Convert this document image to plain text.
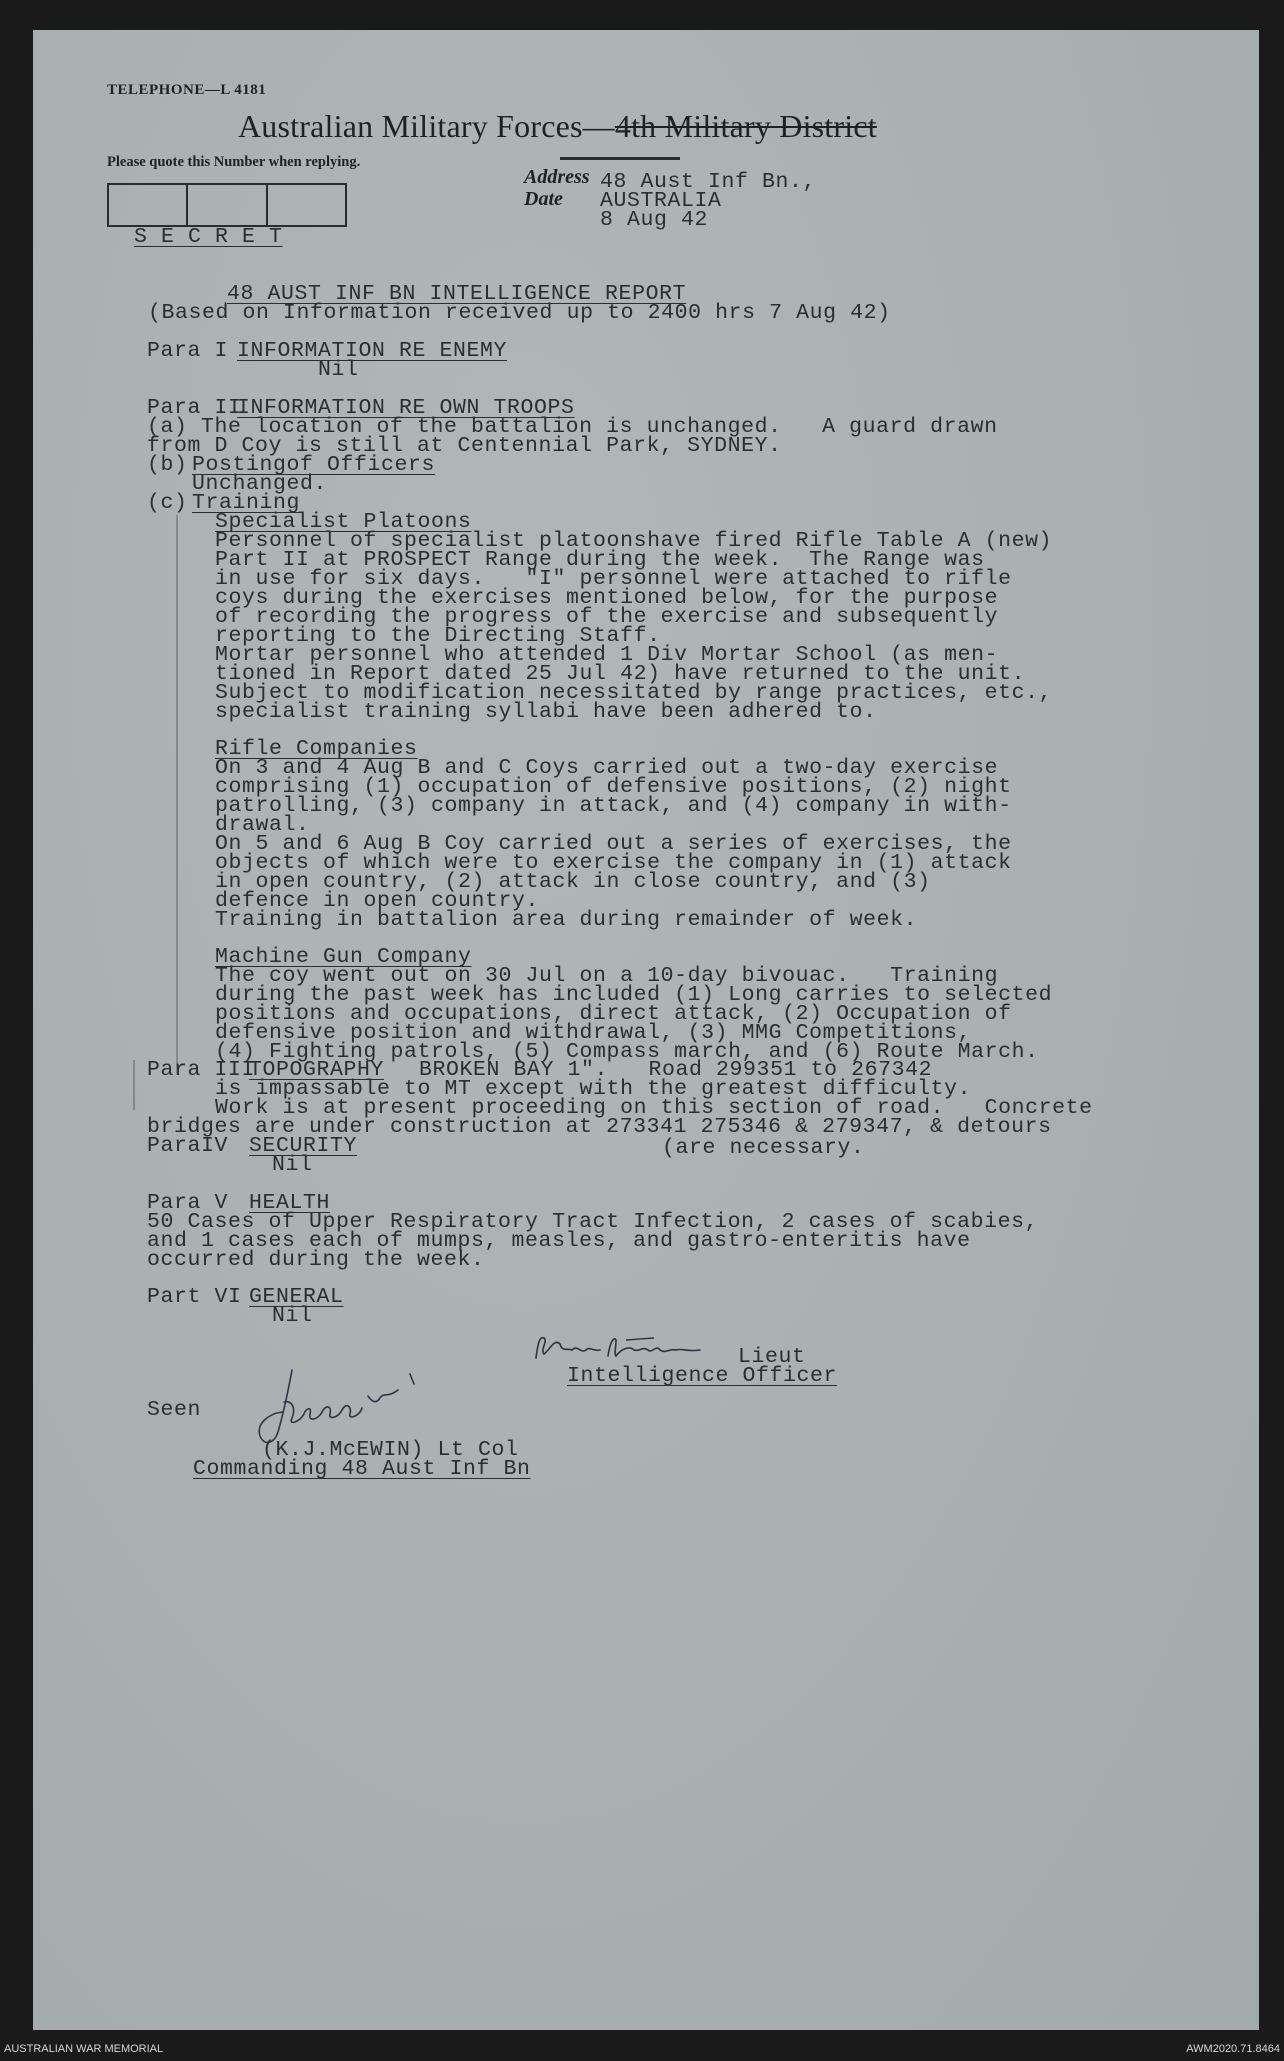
TELEPHONE—L 4181
Australian Military Forces—4th Military District
Please quote this Number when replying.
Address
Date
48 Aust Inf Bn.,
AUSTRALIA
8 Aug 42
S E C R E T
48 AUST INF BN INTELLIGENCE REPORT
(Based on Information received up to 2400 hrs 7 Aug 42)
Para I INFORMATION RE ENEMY
Nil
Para II
INFORMATION RE OWN TROOPS
(a) The location of the battalion is unchanged.   A guard drawn
from D Coy is still at Centennial Park, SYDNEY.
(b) Postingof Officers
Unchanged.
(c) Training
Specialist Platoons
Personnel of specialist platoonshave fired Rifle Table A (new)
Part II at PROSPECT Range during the week.  The Range was
in use for six days.   "I" personnel were attached to rifle
coys during the exercises mentioned below, for the purpose
of recording the progress of the exercise and subsequently
reporting to the Directing Staff.
Mortar personnel who attended 1 Div Mortar School (as men-
tioned in Report dated 25 Jul 42) have returned to the unit.
Subject to modification necessitated by range practices, etc.,
specialist training syllabi have been adhered to.
Rifle Companies
On 3 and 4 Aug B and C Coys carried out a two-day exercise
comprising (1) occupation of defensive positions, (2) night
patrolling, (3) company in attack, and (4) company in with-
drawal.
On 5 and 6 Aug B Coy carried out a series of exercises, the
objects of which were to exercise the company in (1) attack
in open country, (2) attack in close country, and (3)
defence in open country.
Training in battalion area during remainder of week.
Machine Gun Company
The coy went out on 30 Jul on a 10-day bivouac.   Training
during the past week has included (1) Long carries to selected
positions and occupations, direct attack, (2) Occupation of
defensive position and withdrawal, (3) MMG Competitions,
(4) Fighting patrols, (5) Compass march, and (6) Route March.
Para III
TOPOGRAPHY
BROKEN BAY 1".   Road 299351 to 267342
is impassable to MT except with the greatest difficulty.
Work is at present proceeding on this section of road.   Concrete
bridges are under construction at 273341 275346 & 279347, & detours
ParaIV SECURITY	(are necessary.
Nil
Para V HEALTH
50 Cases of Upper Respiratory Tract Infection, 2 cases of scabies,
and 1 cases each of mumps, measles, and gastro-enteritis have
occurred during the week.
Part VI GENERAL
Nil
Lieut
Intelligence Officer
Seen
(K.J.McEWIN) Lt Col
Commanding 48 Aust Inf Bn
AUSTRALIAN WAR MEMORIAL	AWM2020.71.8464
